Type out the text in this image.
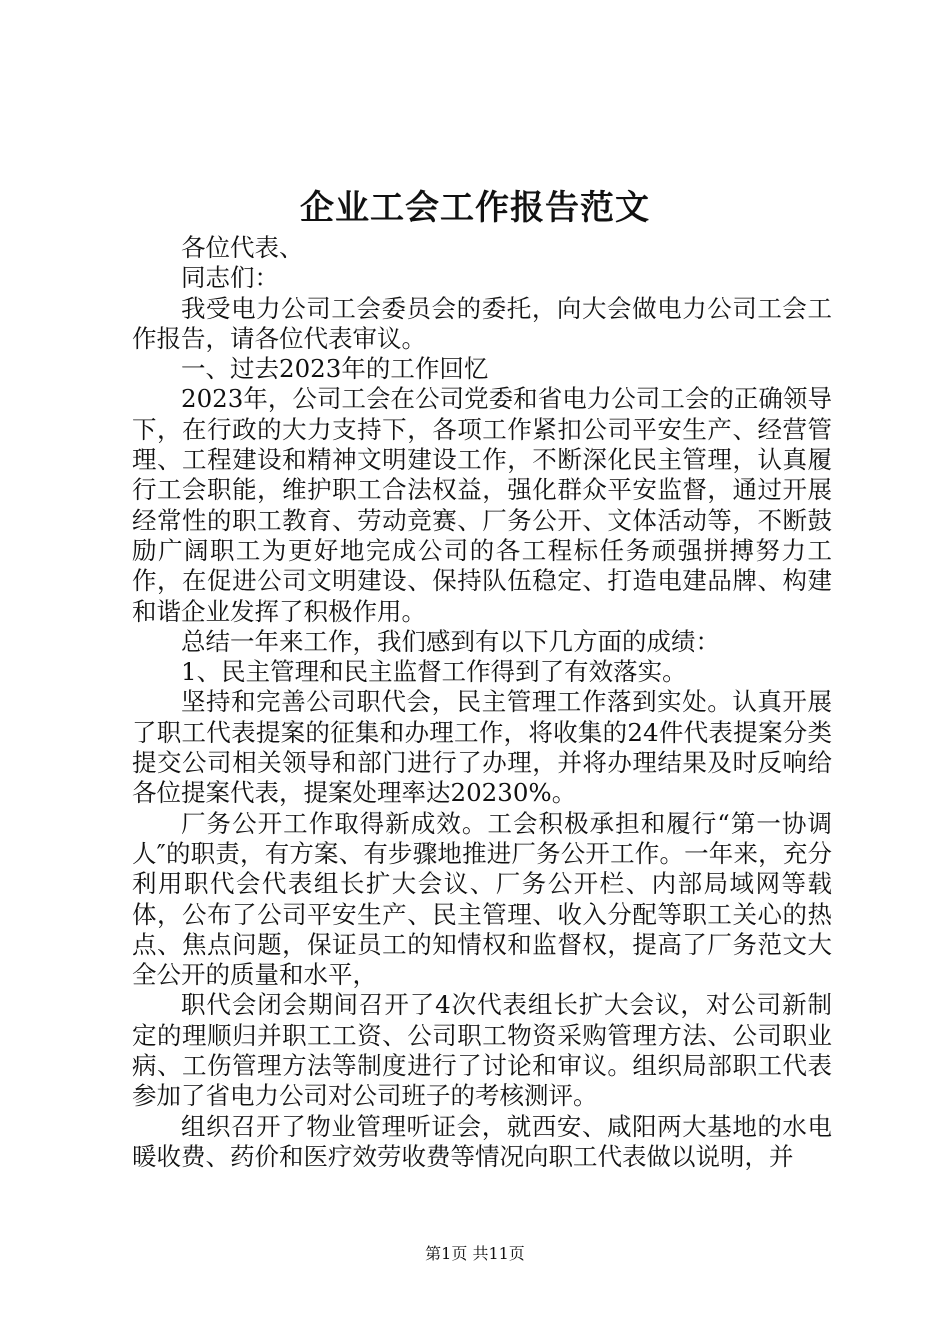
企业工会工作报告范文

各位代表、

同志们：

我受电力公司工会委员会的委托，向大会做电力公司工会工作报告，请各位代表审议。

一、过去2023年的工作回忆

2023年，公司工会在公司党委和省电力公司工会的正确领导下，在行政的大力支持下，各项工作紧扣公司平安生产、经营管理、工程建设和精神文明建设工作，不断深化民主管理，认真履行工会职能，维护职工合法权益，强化群众平安监督，通过开展经常性的职工教育、劳动竞赛、厂务公开、文体活动等，不断鼓励广阔职工为更好地完成公司的各工程标任务顽强拼搏努力工作，在促进公司文明建设、保持队伍稳定、打造电建品牌、构建和谐企业发挥了积极作用。

总结一年来工作，我们感到有以下几方面的成绩：

1、民主管理和民主监督工作得到了有效落实。

坚持和完善公司职代会，民主管理工作落到实处。认真开展了职工代表提案的征集和办理工作，将收集的24件代表提案分类提交公司相关领导和部门进行了办理，并将办理结果及时反响给各位提案代表，提案处理率达20230%。

厂务公开工作取得新成效。工会积极承担和履行“第一协调人″的职责，有方案、有步骤地推进厂务公开工作。一年来，充分利用职代会代表组长扩大会议、厂务公开栏、内部局域网等载体，公布了公司平安生产、民主管理、收入分配等职工关心的热点、焦点问题，保证员工的知情权和监督权，提高了厂务范文大全公开的质量和水平，

职代会闭会期间召开了4次代表组长扩大会议，对公司新制定的理顺归并职工工资、公司职工物资采购管理方法、公司职业病、工伤管理方法等制度进行了讨论和审议。组织局部职工代表参加了省电力公司对公司班子的考核测评。

组织召开了物业管理听证会，就西安、咸阳两大基地的水电暖收费、药价和医疗效劳收费等情况向职工代表做以说明，并

第1页 共11页
